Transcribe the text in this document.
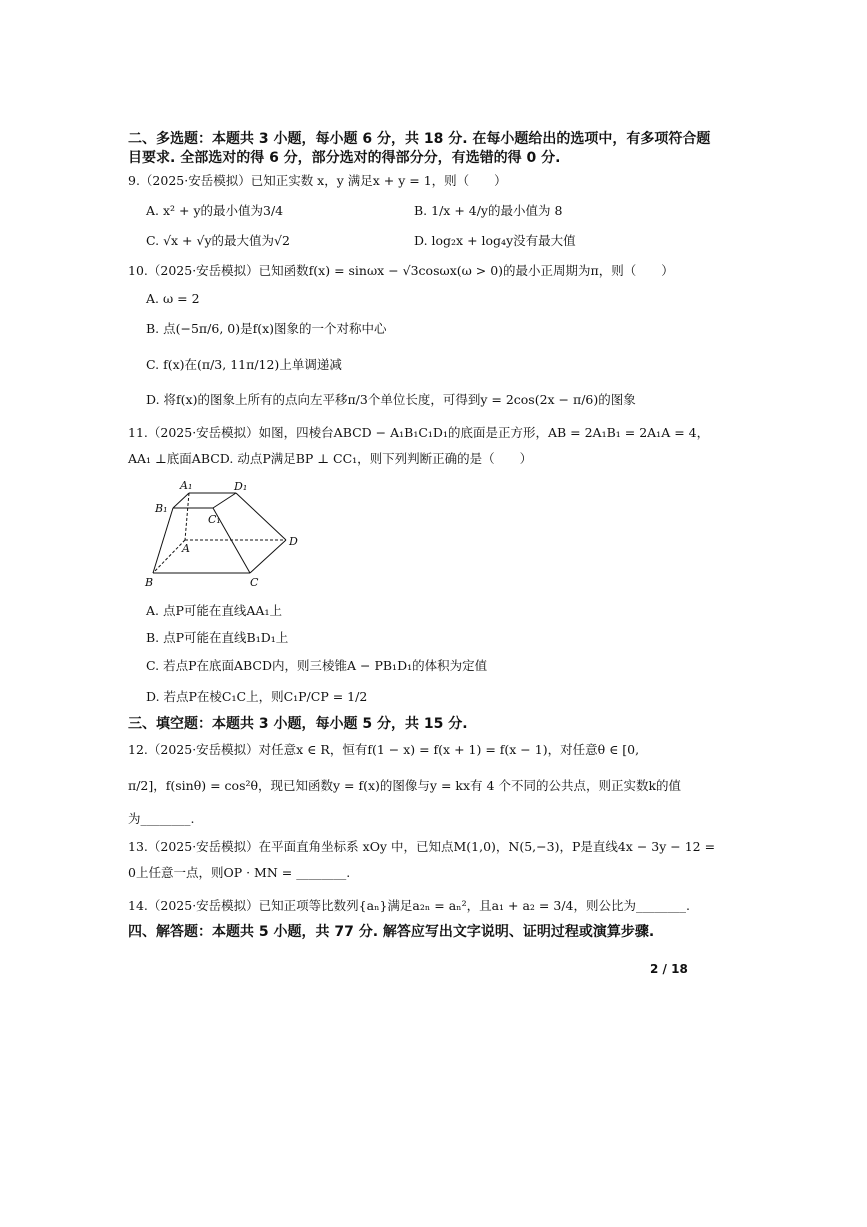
二、多选题：本题共 3 小题，每小题 6 分，共 18 分. 在每小题给出的选项中，有多项符合题
目要求. 全部选对的得 6 分，部分选对的得部分分，有选错的得 0 分.
9.（2025·安岳模拟）已知正实数 x，y 满足x + y = 1，则（　　）
A. x² + y的最小值为3/4	B. 1/x + 4/y的最小值为 8
C. √x + √y的最大值为√2	D. log₂x + log₄y没有最大值
10.（2025·安岳模拟）已知函数f(x) = sinωx − √3cosωx(ω > 0)的最小正周期为π，则（　　）
A. ω = 2
B. 点(−5π/6, 0)是f(x)图象的一个对称中心
C. f(x)在(π/3, 11π/12)上单调递减
D. 将f(x)的图象上所有的点向左平移π/3个单位长度，可得到y = 2cos(2x − π/6)的图象
11.（2025·安岳模拟）如图，四棱台ABCD − A₁B₁C₁D₁的底面是正方形，AB = 2A₁B₁ = 2A₁A = 4，
AA₁ ⊥底面ABCD. 动点P满足BP ⊥ CC₁，则下列判断正确的是（　　）
A₁	D₁
B₁
C₁
A
D
B	C
A. 点P可能在直线AA₁上
B. 点P可能在直线B₁D₁上
C. 若点P在底面ABCD内，则三棱锥A − PB₁D₁的体积为定值
D. 若点P在棱C₁C上，则C₁P/CP = 1/2
三、填空题：本题共 3 小题，每小题 5 分，共 15 分.
12.（2025·安岳模拟）对任意x ∈ R，恒有f(1 − x) = f(x + 1) = f(x − 1)，对任意θ ∈ [0,
π/2]，f(sinθ) = cos²θ，现已知函数y = f(x)的图像与y = kx有 4 个不同的公共点，则正实数k的值
为________.
13.（2025·安岳模拟）在平面直角坐标系 xOy 中，已知点M(1,0)，N(5,−3)，P是直线4x − 3y − 12 =
0上任意一点，则OP · MN = ________.
14.（2025·安岳模拟）已知正项等比数列{aₙ}满足a₂ₙ = aₙ²，且a₁ + a₂ = 3/4，则公比为________.
四、解答题：本题共 5 小题，共 77 分. 解答应写出文字说明、证明过程或演算步骤.
2 / 18
